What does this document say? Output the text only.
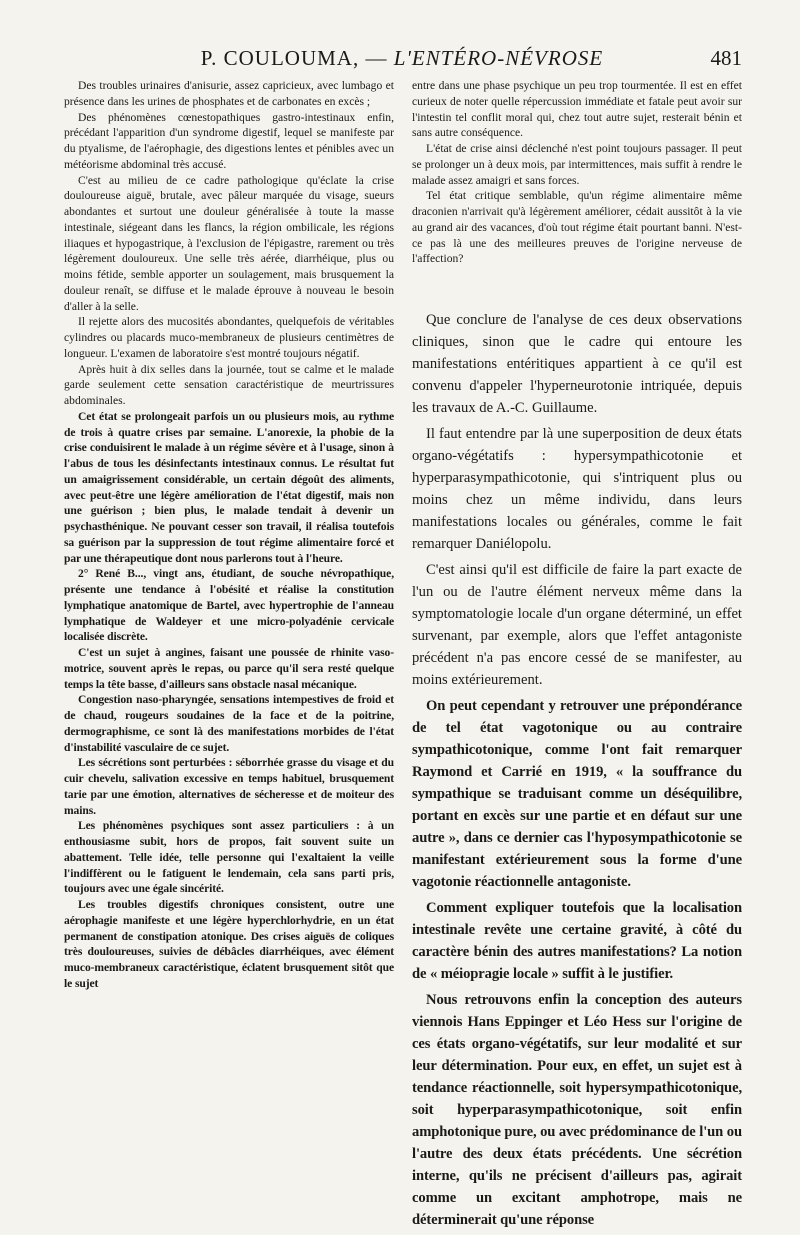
P. COULOUMA, — L'ENTÉRO-NÉVROSE	481

Des troubles urinaires d'anisurie, assez capricieux, avec lumbago et présence dans les urines de phosphates et de carbonates en excès ;

Des phénomènes cœnestopathiques gastro-intestinaux enfin, précédant l'apparition d'un syndrome digestif, lequel se manifeste par du ptyalisme, de l'aérophagie, des digestions lentes et pénibles avec un météorisme abdominal très accusé.

C'est au milieu de ce cadre pathologique qu'éclate la crise douloureuse aiguë, brutale, avec pâleur marquée du visage, sueurs abondantes et surtout une douleur généralisée à toute la masse intestinale, siégeant dans les flancs, la région ombilicale, les régions iliaques et hypogastrique, à l'exclusion de l'épigastre, rarement ou très légèrement douloureux. Une selle très aérée, diarrhéique, plus ou moins fétide, semble apporter un soulagement, mais brusquement la douleur renaît, se diffuse et le malade éprouve à nouveau le besoin d'aller à la selle.

Il rejette alors des mucosités abondantes, quelquefois de véritables cylindres ou placards muco-membraneux de plusieurs centimètres de longueur. L'examen de laboratoire s'est montré toujours négatif.

Après huit à dix selles dans la journée, tout se calme et le malade garde seulement cette sensation caractéristique de meurtrissures abdominales.

Cet état se prolongeait parfois un ou plusieurs mois, au rythme de trois à quatre crises par semaine. L'anorexie, la phobie de la crise conduisirent le malade à un régime sévère et à l'usage, sinon à l'abus de tous les désinfectants intestinaux connus. Le résultat fut un amaigrissement considérable, un certain dégoût des aliments, avec peut-être une légère amélioration de l'état digestif, mais non une guérison ; bien plus, le malade tendait à devenir un psychasthénique. Ne pouvant cesser son travail, il réalisa toutefois sa guérison par la suppression de tout régime alimentaire forcé et par une thérapeutique dont nous parlerons tout à l'heure.

2° René B..., vingt ans, étudiant, de souche névropathique, présente une tendance à l'obésité et réalise la constitution lymphatique anatomique de Bartel, avec hypertrophie de l'anneau lymphatique de Waldeyer et une micro-polyadénie cervicale localisée discrète.

C'est un sujet à angines, faisant une poussée de rhinite vaso-motrice, souvent après le repas, ou parce qu'il sera resté quelque temps la tête basse, d'ailleurs sans obstacle nasal mécanique.

Congestion naso-pharyngée, sensations intempestives de froid et de chaud, rougeurs soudaines de la face et de la poitrine, dermographisme, ce sont là des manifestations morbides de l'état d'instabilité vasculaire de ce sujet.

Les sécrétions sont perturbées : séborrhée grasse du visage et du cuir chevelu, salivation excessive en temps habituel, brusquement tarie par une émotion, alternatives de sécheresse et de moiteur des mains.

Les phénomènes psychiques sont assez particuliers : à un enthousiasme subit, hors de propos, fait souvent suite un abattement. Telle idée, telle personne qui l'exaltaient la veille l'indiffèrent ou le fatiguent le lendemain, cela sans parti pris, toujours avec une égale sincérité.

Les troubles digestifs chroniques consistent, outre une aérophagie manifeste et une légère hyperchlorhydrie, en un état permanent de constipation atonique. Des crises aiguës de coliques très douloureuses, suivies de débâcles diarrhéiques, avec élément muco-membraneux caractéristique, éclatent brusquement sitôt que le sujet

entre dans une phase psychique un peu trop tourmentée. Il est en effet curieux de noter quelle répercussion immédiate et fatale peut avoir sur l'intestin tel conflit moral qui, chez tout autre sujet, resterait bénin et sans autre conséquence.

L'état de crise ainsi déclenché n'est point toujours passager. Il peut se prolonger un à deux mois, par intermittences, mais suffit à rendre le malade assez amaigri et sans forces.

Tel état critique semblable, qu'un régime alimentaire même draconien n'arrivait qu'à légèrement améliorer, cédait aussitôt à la vie au grand air des vacances, d'où tout régime était pourtant banni. N'est-ce pas là une des meilleures preuves de l'origine nerveuse de l'affection?

Que conclure de l'analyse de ces deux observations cliniques, sinon que le cadre qui entoure les manifestations entéritiques appartient à ce qu'il est convenu d'appeler l'hyperneurotonie intriquée, depuis les travaux de A.-C. Guillaume.

Il faut entendre par là une superposition de deux états organo-végétatifs : hypersympathicotonie et hyperparasympathicotonie, qui s'intriquent plus ou moins chez un même individu, dans leurs manifestations locales ou générales, comme le fait remarquer Daniélopolu.

C'est ainsi qu'il est difficile de faire la part exacte de l'un ou de l'autre élément nerveux même dans la symptomatologie locale d'un organe déterminé, un effet survenant, par exemple, alors que l'effet antagoniste précédent n'a pas encore cessé de se manifester, au moins extérieurement.

On peut cependant y retrouver une prépondérance de tel état vagotonique ou au contraire sympathicotonique, comme l'ont fait remarquer Raymond et Carrié en 1919, « la souffrance du sympathique se traduisant comme un déséquilibre, portant en excès sur une partie et en défaut sur une autre », dans ce dernier cas l'hyposympathicotonie se manifestant extérieurement sous la forme d'une vagotonie réactionnelle antagoniste.

Comment expliquer toutefois que la localisation intestinale revête une certaine gravité, à côté du caractère bénin des autres manifestations? La notion de « méiopragie locale » suffit à le justifier.

Nous retrouvons enfin la conception des auteurs viennois Hans Eppinger et Léo Hess sur l'origine de ces états organo-végétatifs, sur leur modalité et sur leur détermination. Pour eux, en effet, un sujet est à tendance réactionnelle, soit hypersympathicotonique, soit hyperparasympathicotonique, soit enfin amphotonique pure, ou avec prédominance de l'un ou l'autre des deux états précédents. Une sécrétion interne, qu'ils ne précisent d'ailleurs pas, agirait comme un excitant amphotrope, mais ne déterminerait qu'une réponse
